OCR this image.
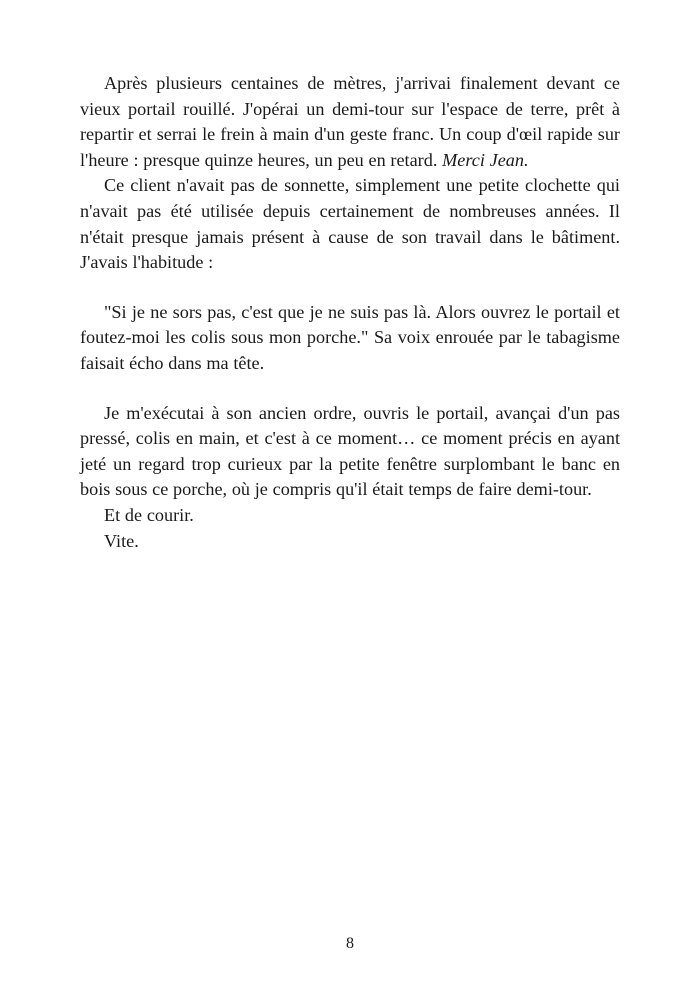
Après plusieurs centaines de mètres, j'arrivai finalement devant ce vieux portail rouillé. J'opérai un demi-tour sur l'espace de terre, prêt à repartir et serrai le frein à main d'un geste franc. Un coup d'œil rapide sur l'heure : presque quinze heures, un peu en retard. Merci Jean.

Ce client n'avait pas de sonnette, simplement une petite clochette qui n'avait pas été utilisée depuis certainement de nombreuses années. Il n'était presque jamais présent à cause de son travail dans le bâtiment. J'avais l'habitude :

"Si je ne sors pas, c'est que je ne suis pas là. Alors ouvrez le portail et foutez-moi les colis sous mon porche." Sa voix enrouée par le tabagisme faisait écho dans ma tête.

Je m'exécutai à son ancien ordre, ouvris le portail, avançai d'un pas pressé, colis en main, et c'est à ce moment… ce moment précis en ayant jeté un regard trop curieux par la petite fenêtre surplombant le banc en bois sous ce porche, où je compris qu'il était temps de faire demi-tour.

Et de courir.

Vite.

8
